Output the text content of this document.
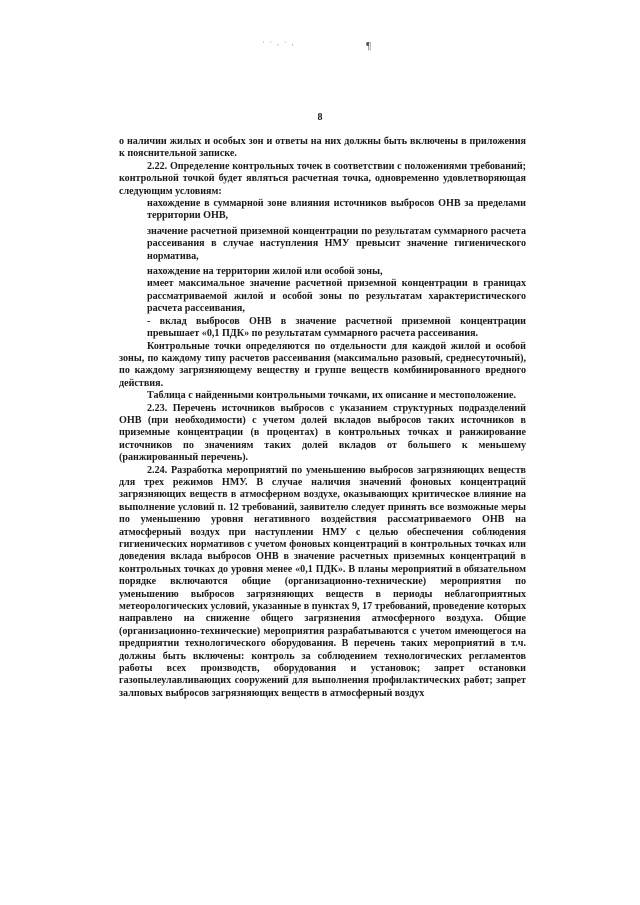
˙ ˙ · ˙ ·	¶
8

о наличии жилых и особых зон и ответы на них должны быть включены в приложения к пояснительной записке.

2.22. Определение контрольных точек в соответствии с положениями требований; контрольной точкой будет являться расчетная точка, одновременно удовлетворяющая следующим условиям:

нахождение в суммарной зоне влияния источников выбросов ОНВ за пределами территории ОНВ,

значение расчетной приземной концентрации по результатам суммарного расчета рассеивания в случае наступления НМУ превысит значение гигиенического норматива,

нахождение на территории жилой или особой зоны,

имеет максимальное значение расчетной приземной концентрации в границах рассматриваемой жилой и особой зоны по результатам характеристического расчета рассеивания,

- вклад выбросов ОНВ в значение расчетной приземной концентрации превышает «0,1 ПДК» по результатам суммарного расчета рассеивания.

Контрольные точки определяются по отдельности для каждой жилой и особой зоны, по каждому типу расчетов рассеивания (максимально разовый, среднесуточный), по каждому загрязняющему веществу и группе веществ комбинированного вредного действия.

Таблица с найденными контрольными точками, их описание и местоположение.

2.23. Перечень источников выбросов с указанием структурных подразделений ОНВ (при необходимости) с учетом долей вкладов выбросов таких источников в приземные концентрации (в процентах) в контрольных точках и ранжирование источников по значениям таких долей вкладов от большего к меньшему (ранжированный перечень).

2.24. Разработка мероприятий по уменьшению выбросов загрязняющих веществ для трех режимов НМУ. В случае наличия значений фоновых концентраций загрязняющих веществ в атмосферном воздухе, оказывающих критическое влияние на выполнение условий п. 12 требований, заявителю следует принять все возможные меры по уменьшению уровня негативного воздействия рассматриваемого ОНВ на атмосферный воздух при наступлении НМУ с целью обеспечения соблюдения гигиенических нормативов с учетом фоновых концентраций в контрольных точках или доведения вклада выбросов ОНВ в значение расчетных приземных концентраций в контрольных точках до уровня менее «0,1 ПДК». В планы мероприятий в обязательном порядке включаются общие (организационно-технические) мероприятия по уменьшению выбросов загрязняющих веществ в периоды неблагоприятных метеорологических условий, указанные в пунктах 9, 17 требований, проведение которых направлено на снижение общего загрязнения атмосферного воздуха. Общие (организационно-технические) мероприятия разрабатываются с учетом имеющегося на предприятии технологического оборудования. В перечень таких мероприятий в т.ч. должны быть включены: контроль за соблюдением технологических регламентов работы всех производств, оборудования и установок; запрет остановки газопылеулавливающих сооружений для выполнения профилактических работ; запрет залповых выбросов загрязняющих веществ в атмосферный воздух
